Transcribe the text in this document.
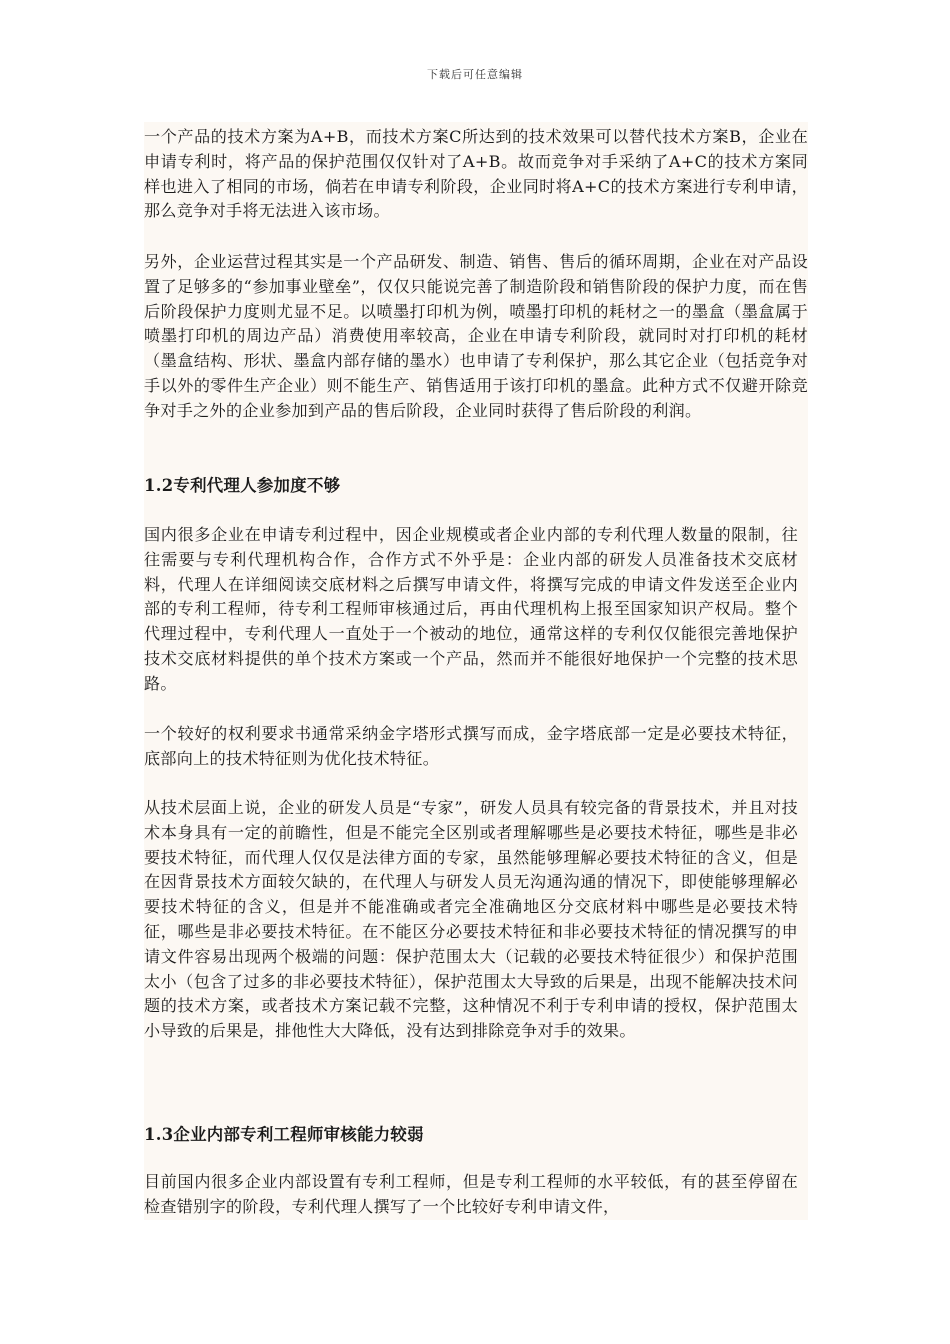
下载后可任意编辑

一个产品的技术方案为A+B，而技术方案C所达到的技术效果可以替代技术方案B，企业在申请专利时，将产品的保护范围仅仅针对了A+B。故而竞争对手采纳了A+C的技术方案同样也进入了相同的市场，倘若在申请专利阶段，企业同时将A+C的技术方案进行专利申请，那么竞争对手将无法进入该市场。

另外，企业运营过程其实是一个产品研发、制造、销售、售后的循环周期，企业在对产品设置了足够多的“参加事业壁垒”，仅仅只能说完善了制造阶段和销售阶段的保护力度，而在售后阶段保护力度则尤显不足。以喷墨打印机为例，喷墨打印机的耗材之一的墨盒（墨盒属于喷墨打印机的周边产品）消费使用率较高，企业在申请专利阶段，就同时对打印机的耗材（墨盒结构、形状、墨盒内部存储的墨水）也申请了专利保护，那么其它企业（包括竞争对手以外的零件生产企业）则不能生产、销售适用于该打印机的墨盒。此种方式不仅避开除竞争对手之外的企业参加到产品的售后阶段，企业同时获得了售后阶段的利润。

1.2专利代理人参加度不够

国内很多企业在申请专利过程中，因企业规模或者企业内部的专利代理人数量的限制，往往需要与专利代理机构合作，合作方式不外乎是：企业内部的研发人员准备技术交底材料，代理人在详细阅读交底材料之后撰写申请文件，将撰写完成的申请文件发送至企业内部的专利工程师，待专利工程师审核通过后，再由代理机构上报至国家知识产权局。整个代理过程中，专利代理人一直处于一个被动的地位，通常这样的专利仅仅能很完善地保护技术交底材料提供的单个技术方案或一个产品，然而并不能很好地保护一个完整的技术思路。

一个较好的权利要求书通常采纳金字塔形式撰写而成，金字塔底部一定是必要技术特征，底部向上的技术特征则为优化技术特征。

从技术层面上说，企业的研发人员是“专家”，研发人员具有较完备的背景技术，并且对技术本身具有一定的前瞻性，但是不能完全区别或者理解哪些是必要技术特征，哪些是非必要技术特征，而代理人仅仅是法律方面的专家，虽然能够理解必要技术特征的含义，但是在因背景技术方面较欠缺的，在代理人与研发人员无沟通沟通的情况下，即使能够理解必要技术特征的含义，但是并不能准确或者完全准确地区分交底材料中哪些是必要技术特征，哪些是非必要技术特征。在不能区分必要技术特征和非必要技术特征的情况撰写的申请文件容易出现两个极端的问题：保护范围太大（记载的必要技术特征很少）和保护范围太小（包含了过多的非必要技术特征），保护范围太大导致的后果是，出现不能解决技术问题的技术方案，或者技术方案记载不完整，这种情况不利于专利申请的授权，保护范围太小导致的后果是，排他性大大降低，没有达到排除竞争对手的效果。

1.3企业内部专利工程师审核能力较弱

目前国内很多企业内部设置有专利工程师，但是专利工程师的水平较低，有的甚至停留在检查错别字的阶段，专利代理人撰写了一个比较好专利申请文件，
